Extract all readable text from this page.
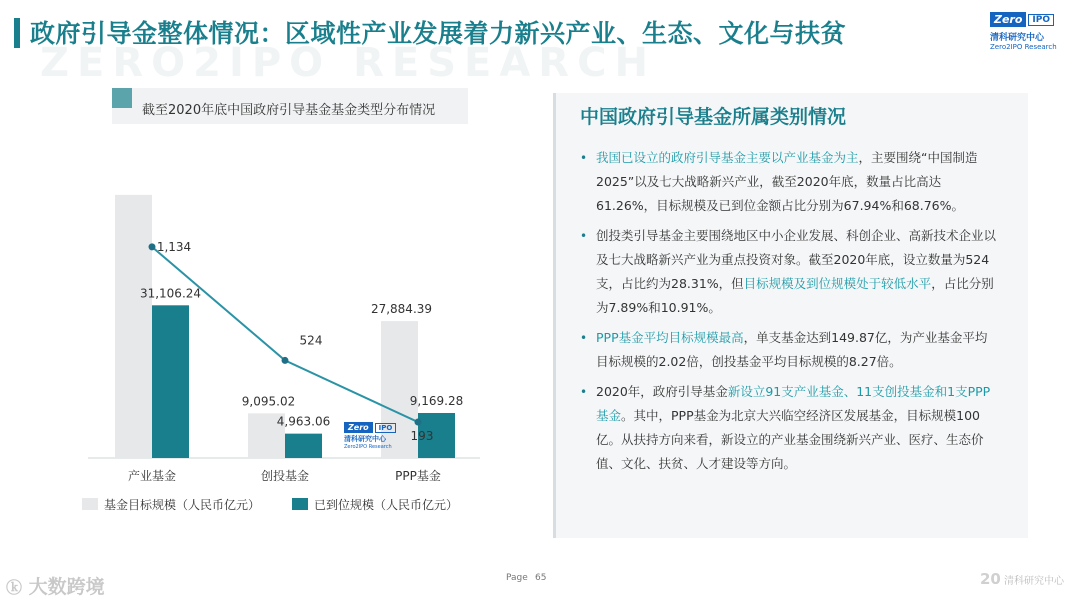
ZERO2IPO RESEARCH
政府引导金整体情况：区域性产业发展着力新兴产业、生态、文化与扶贫	Zero	IPO
清科研究中心
Zero2IPO Research
截至2020年底中国政府引导基金基金类型分布情况
31,106.24
产业基金
9,095.02
4,963.06
创投基金
27,884.39
9,169.28
PPP基金
1,134
524
193
基金目标规模（人民币亿元）	已到位规模（人民币亿元）
中国政府引导基金所属类别情况
• 我国已设立的政府引导基金主要以产业基金为主，主要围绕“中国制造2025”以及七大战略新兴产业，截至2020年底，数量占比高达61.26%，目标规模及已到位金额占比分别为67.94%和68.76%。
• 创投类引导基金主要围绕地区中小企业发展、科创企业、高新技术企业以及七大战略新兴产业为重点投资对象。截至2020年底，设立数量为524支，占比约为28.31%，但目标规模及到位规模处于较低水平，占比分别为7.89%和10.91%。
• PPP基金平均目标规模最高，单支基金达到149.87亿，为产业基金平均目标规模的2.02倍，创投基金平均目标规模的8.27倍。
• 2020年，政府引导基金新设立91支产业基金、11支创投基金和1支PPP基金。其中，PPP基金为北京大兴临空经济区发展基金，目标规模100亿。从扶持方向来看，新设立的产业基金围绕新兴产业、医疗、生态价值、文化、扶贫、人才建设等方向。
Zero	IPO
清科研究中心
Zero2IPO Research
ⓚ 大数跨境	Page 65	20 清科研究中心
